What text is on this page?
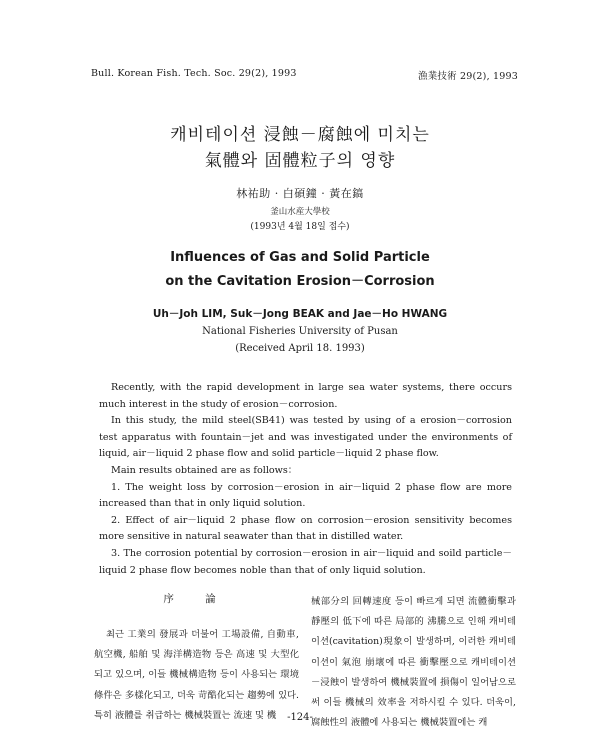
Bull. Korean Fish. Tech. Soc. 29(2), 1993	漁業技術 29(2), 1993
캐비테이션 浸蝕－腐蝕에 미치는
氣體와 固體粒子의 영향
林祐助 · 白碩鐘 · 黃在鎬
釜山水産大學校
(1993년 4월 18일 접수)
Influences of Gas and Solid Particle
on the Cavitation Erosion－Corrosion
Uh－Joh LIM, Suk－Jong BEAK and Jae－Ho HWANG
National Fisheries University of Pusan
(Received April 18. 1993)

Recently, with the rapid development in large sea water systems, there occurs much interest in the study of erosion－corrosion.

In this study, the mild steel(SB41) was tested by using of a erosion－corrosion test apparatus with fountain－jet and was investigated under the environments of liquid, air－liquid 2 phase flow and solid particle－liquid 2 phase flow.

Main results obtained are as follows：

1. The weight loss by corrosion－erosion in air－liquid 2 phase flow are more increased than that in only liquid solution.

2. Effect of air－liquid 2 phase flow on corrosion－erosion sensitivity becomes more sensitive in natural seawater than that in distilled water.

3. The corrosion potential by corrosion－erosion in air－liquid and soild particle－liquid 2 phase flow becomes noble than that of only liquid solution.

序 論

최근 工業의 發展과 더불어 工場設備, 自動車, 航空機, 船舶 및 海洋構造物 등은 高速 및 大型化되고 있으며, 이들 機械構造物 등이 사용되는 環境條件은 多樣化되고, 더욱 苛酷化되는 趨勢에 있다. 특히 液體를 취급하는 機械裝置는 流速 및 機

械部分의 回轉速度 등이 빠르게 되면 流體衝擊과 靜壓의 低下에 따른 局部的 沸騰으로 인해 캐비테이션(cavitation)現象이 발생하며, 이러한 캐비테이션이 氣泡 崩壞에 따른 衝擊壓으로 캐비테이션－浸蝕이 발생하여 機械裝置에 損傷이 일어남으로써 이들 機械의 效率을 저하시킬 수 있다. 더욱이, 腐蝕性의 液體에 사용되는 機械裝置에는 캐

-124-
